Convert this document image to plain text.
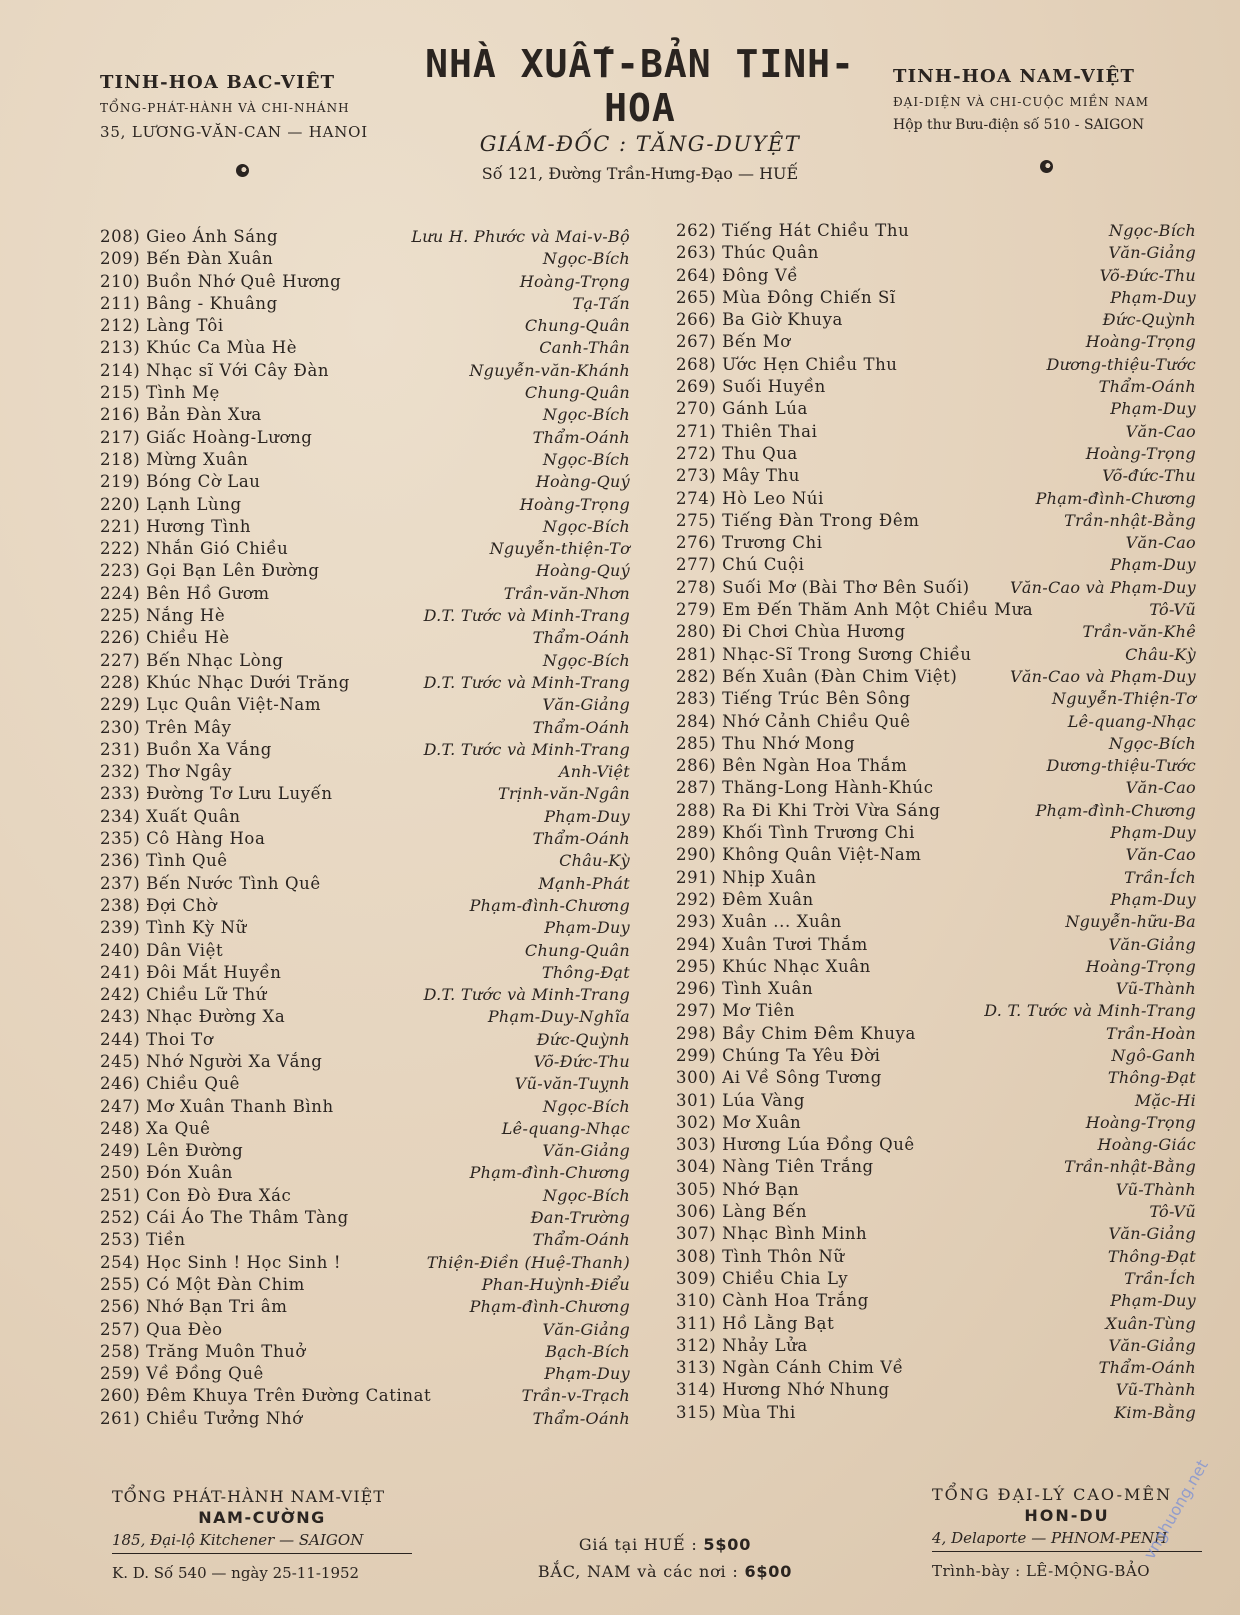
TINH-HOA BAC-VIÊT
TỔNG-PHÁT-HÀNH VÀ CHI-NHÁNH
35, LƯƠNG-VĂN-CAN — HANOI
NHÀ XUẤT-BẢN TINH-HOA
GIÁM-ĐỐC : TĂNG-DUYỆT
Số 121, Đường Trần-Hưng-Đạo — HUẾ
TINH-HOA NAM-VIỆT
ĐẠI-DIỆN VÀ CHI-CUỘC MIỀN NAM
Hộp thư Bưu-điện số 510 - SAIGON
208) Gieo Ánh Sáng	Lưu H. Phước và Mai-v-Bộ
209) Bến Đàn Xuân	Ngọc-Bích
210) Buồn Nhớ Quê Hương	Hoàng-Trọng
211) Bâng - Khuâng	Tạ-Tấn
212) Làng Tôi	Chung-Quân
213) Khúc Ca Mùa Hè	Canh-Thân
214) Nhạc sĩ Với Cây Đàn	Nguyễn-văn-Khánh
215) Tình Mẹ	Chung-Quân
216) Bản Đàn Xưa	Ngọc-Bích
217) Giấc Hoàng-Lương	Thẩm-Oánh
218) Mừng Xuân	Ngọc-Bích
219) Bóng Cờ Lau	Hoàng-Quý
220) Lạnh Lùng	Hoàng-Trọng
221) Hương Tình	Ngọc-Bích
222) Nhắn Gió Chiều	Nguyễn-thiện-Tơ
223) Gọi Bạn Lên Đường	Hoàng-Quý
224) Bên Hồ Gươm	Trần-văn-Nhơn
225) Nắng Hè	D.T. Tước và Minh-Trang
226) Chiều Hè	Thẩm-Oánh
227) Bến Nhạc Lòng	Ngọc-Bích
228) Khúc Nhạc Dưới Trăng	D.T. Tước và Minh-Trang
229) Lục Quân Việt-Nam	Văn-Giảng
230) Trên Mây	Thẩm-Oánh
231) Buồn Xa Vắng	D.T. Tước và Minh-Trang
232) Thơ Ngây	Anh-Việt
233) Đường Tơ Lưu Luyến	Trịnh-văn-Ngân
234) Xuất Quân	Phạm-Duy
235) Cô Hàng Hoa	Thẩm-Oánh
236) Tình Quê	Châu-Kỳ
237) Bến Nước Tình Quê	Mạnh-Phát
238) Đợi Chờ	Phạm-đình-Chương
239) Tình Kỳ Nữ	Phạm-Duy
240) Dân Việt	Chung-Quân
241) Đôi Mắt Huyền	Thông-Đạt
242) Chiều Lữ Thứ	D.T. Tước và Minh-Trang
243) Nhạc Đường Xa	Phạm-Duy-Nghĩa
244) Thoi Tơ	Đức-Quỳnh
245) Nhớ Người Xa Vắng	Võ-Đức-Thu
246) Chiều Quê	Vũ-văn-Tuỵnh
247) Mơ Xuân Thanh Bình	Ngọc-Bích
248) Xa Quê	Lê-quang-Nhạc
249) Lên Đường	Văn-Giảng
250) Đón Xuân	Phạm-đình-Chương
251) Con Đò Đưa Xác	Ngọc-Bích
252) Cái Áo The Thâm Tàng	Đan-Trường
253) Tiền	Thẩm-Oánh
254) Học Sinh ! Học Sinh !	Thiện-Điền (Huệ-Thanh)
255) Có Một Đàn Chim	Phan-Huỳnh-Điểu
256) Nhớ Bạn Tri âm	Phạm-đình-Chương
257) Qua Đèo	Văn-Giảng
258) Trăng Muôn Thuở	Bạch-Bích
259) Về Đồng Quê	Phạm-Duy
260) Đêm Khuya Trên Đường Catinat	Trần-v-Trạch
261) Chiều Tưởng Nhớ	Thẩm-Oánh
262) Tiếng Hát Chiều Thu	Ngọc-Bích
263) Thúc Quân	Văn-Giảng
264) Đông Về	Võ-Đức-Thu
265) Mùa Đông Chiến Sĩ	Phạm-Duy
266) Ba Giờ Khuya	Đức-Quỳnh
267) Bến Mơ	Hoàng-Trọng
268) Ước Hẹn Chiều Thu	Dương-thiệu-Tước
269) Suối Huyền	Thẩm-Oánh
270) Gánh Lúa	Phạm-Duy
271) Thiên Thai	Văn-Cao
272) Thu Qua	Hoàng-Trọng
273) Mây Thu	Võ-đức-Thu
274) Hò Leo Núi	Phạm-đình-Chương
275) Tiếng Đàn Trong Đêm	Trần-nhật-Bằng
276) Trương Chi	Văn-Cao
277) Chú Cuội	Phạm-Duy
278) Suối Mơ (Bài Thơ Bên Suối)	Văn-Cao và Phạm-Duy
279) Em Đến Thăm Anh Một Chiều Mưa	Tô-Vũ
280) Đi Chơi Chùa Hương	Trần-văn-Khê
281) Nhạc-Sĩ Trong Sương Chiều	Châu-Kỳ
282) Bến Xuân (Đàn Chim Việt)	Văn-Cao và Phạm-Duy
283) Tiếng Trúc Bên Sông	Nguyễn-Thiện-Tơ
284) Nhớ Cảnh Chiều Quê	Lê-quang-Nhạc
285) Thu Nhớ Mong	Ngọc-Bích
286) Bên Ngàn Hoa Thắm	Dương-thiệu-Tước
287) Thăng-Long Hành-Khúc	Văn-Cao
288) Ra Đi Khi Trời Vừa Sáng	Phạm-đình-Chương
289) Khối Tình Trương Chi	Phạm-Duy
290) Không Quân Việt-Nam	Văn-Cao
291) Nhịp Xuân	Trần-Ích
292) Đêm Xuân	Phạm-Duy
293) Xuân ... Xuân	Nguyễn-hữu-Ba
294) Xuân Tươi Thắm	Văn-Giảng
295) Khúc Nhạc Xuân	Hoàng-Trọng
296) Tình Xuân	Vũ-Thành
297) Mơ Tiên	D. T. Tước và Minh-Trang
298) Bầy Chim Đêm Khuya	Trần-Hoàn
299) Chúng Ta Yêu Đời	Ngô-Ganh
300) Ai Về Sông Tương	Thông-Đạt
301) Lúa Vàng	Mặc-Hi
302) Mơ Xuân	Hoàng-Trọng
303) Hương Lúa Đồng Quê	Hoàng-Giác
304) Nàng Tiên Trắng	Trần-nhật-Bằng
305) Nhớ Bạn	Vũ-Thành
306) Làng Bến	Tô-Vũ
307) Nhạc Bình Minh	Văn-Giảng
308) Tình Thôn Nữ	Thông-Đạt
309) Chiều Chia Ly	Trần-Ích
310) Cành Hoa Trắng	Phạm-Duy
311) Hồ Lằng Bạt	Xuân-Tùng
312) Nhảy Lửa	Văn-Giảng
313) Ngàn Cánh Chim Về	Thẩm-Oánh
314) Hương Nhớ Nhung	Vũ-Thành
315) Mùa Thi	Kim-Bằng
TỔNG PHÁT-HÀNH NAM-VIỆT
NAM-CƯỜNG
185, Đại-lộ Kitchener — SAIGON
K. D. Số 540 — ngày 25-11-1952
Giá tại HUẾ : 5$00
BẮC, NAM và các nơi : 6$00
TỔNG ĐẠI-LÝ CAO-MÊN
HON-DU
4, Delaporte — PHNOM-PENH
Trình-bày : LÊ-MỘNG-BẢO
vnghuong.net
